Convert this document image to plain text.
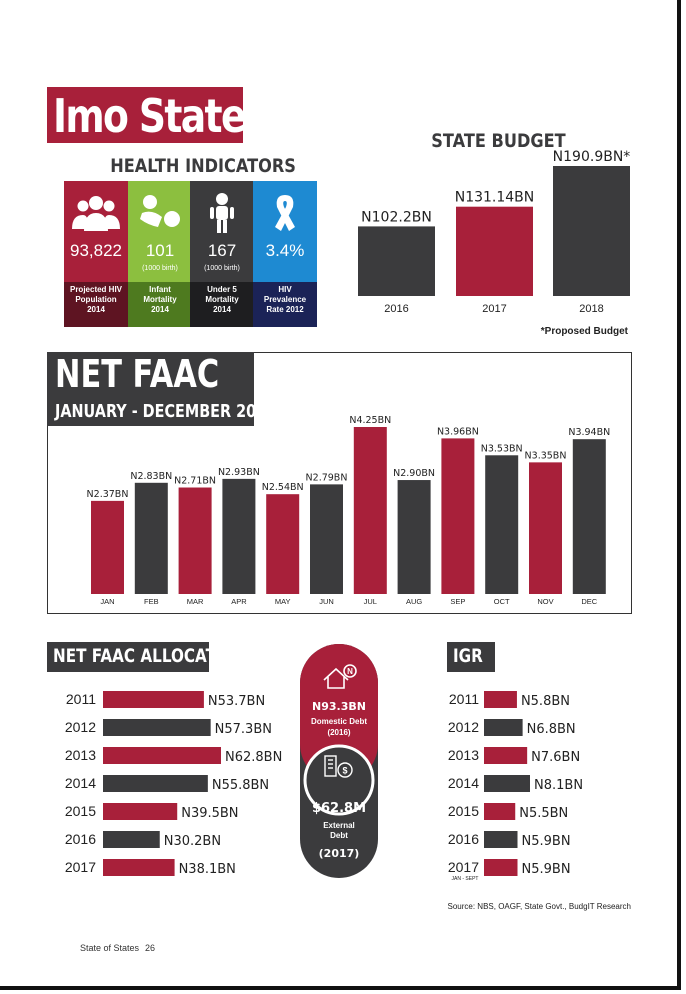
Imo State
HEALTH INDICATORS
93,822
Projected HIV
Population
2014
101
(1000 birth)
Infant
Mortality
2014
167
(1000 birth)
Under 5
Mortality
2014
3.4%
HIV
Prevalence
Rate 2012
STATE BUDGET
N102.2BN
2016
N131.14BN
2017
N190.9BN*
2018
*Proposed Budget
N2.37BN
JAN
N2.83BN
FEB
N2.71BN
MAR
N2.93BN
APR
N2.54BN
MAY
N2.79BN
JUN
N4.25BN
JUL
N2.90BN
AUG
N3.96BN
SEP
N3.53BN
OCT
N3.35BN
NOV
N3.94BN
DEC
NET FAAC
JANUARY - DECEMBER 2017
NET FAAC ALLOCATION
2011	N53.7BN
2012	N57.3BN
2013	N62.8BN
2014	N55.8BN
2015	N39.5BN
2016	N30.2BN
2017	N38.1BN
N
N93.3BN
Domestic Debt
(2016)
$
$62.8M
External
Debt
(2017)
IGR
2011	N5.8BN
2012	N6.8BN
2013	N7.6BN
2014	N8.1BN
2015	N5.5BN
2016	N5.9BN
2017	N5.9BN
JAN - SEPT
Source: NBS, OAGF, State Govt., BudgIT Research
State of States 26
